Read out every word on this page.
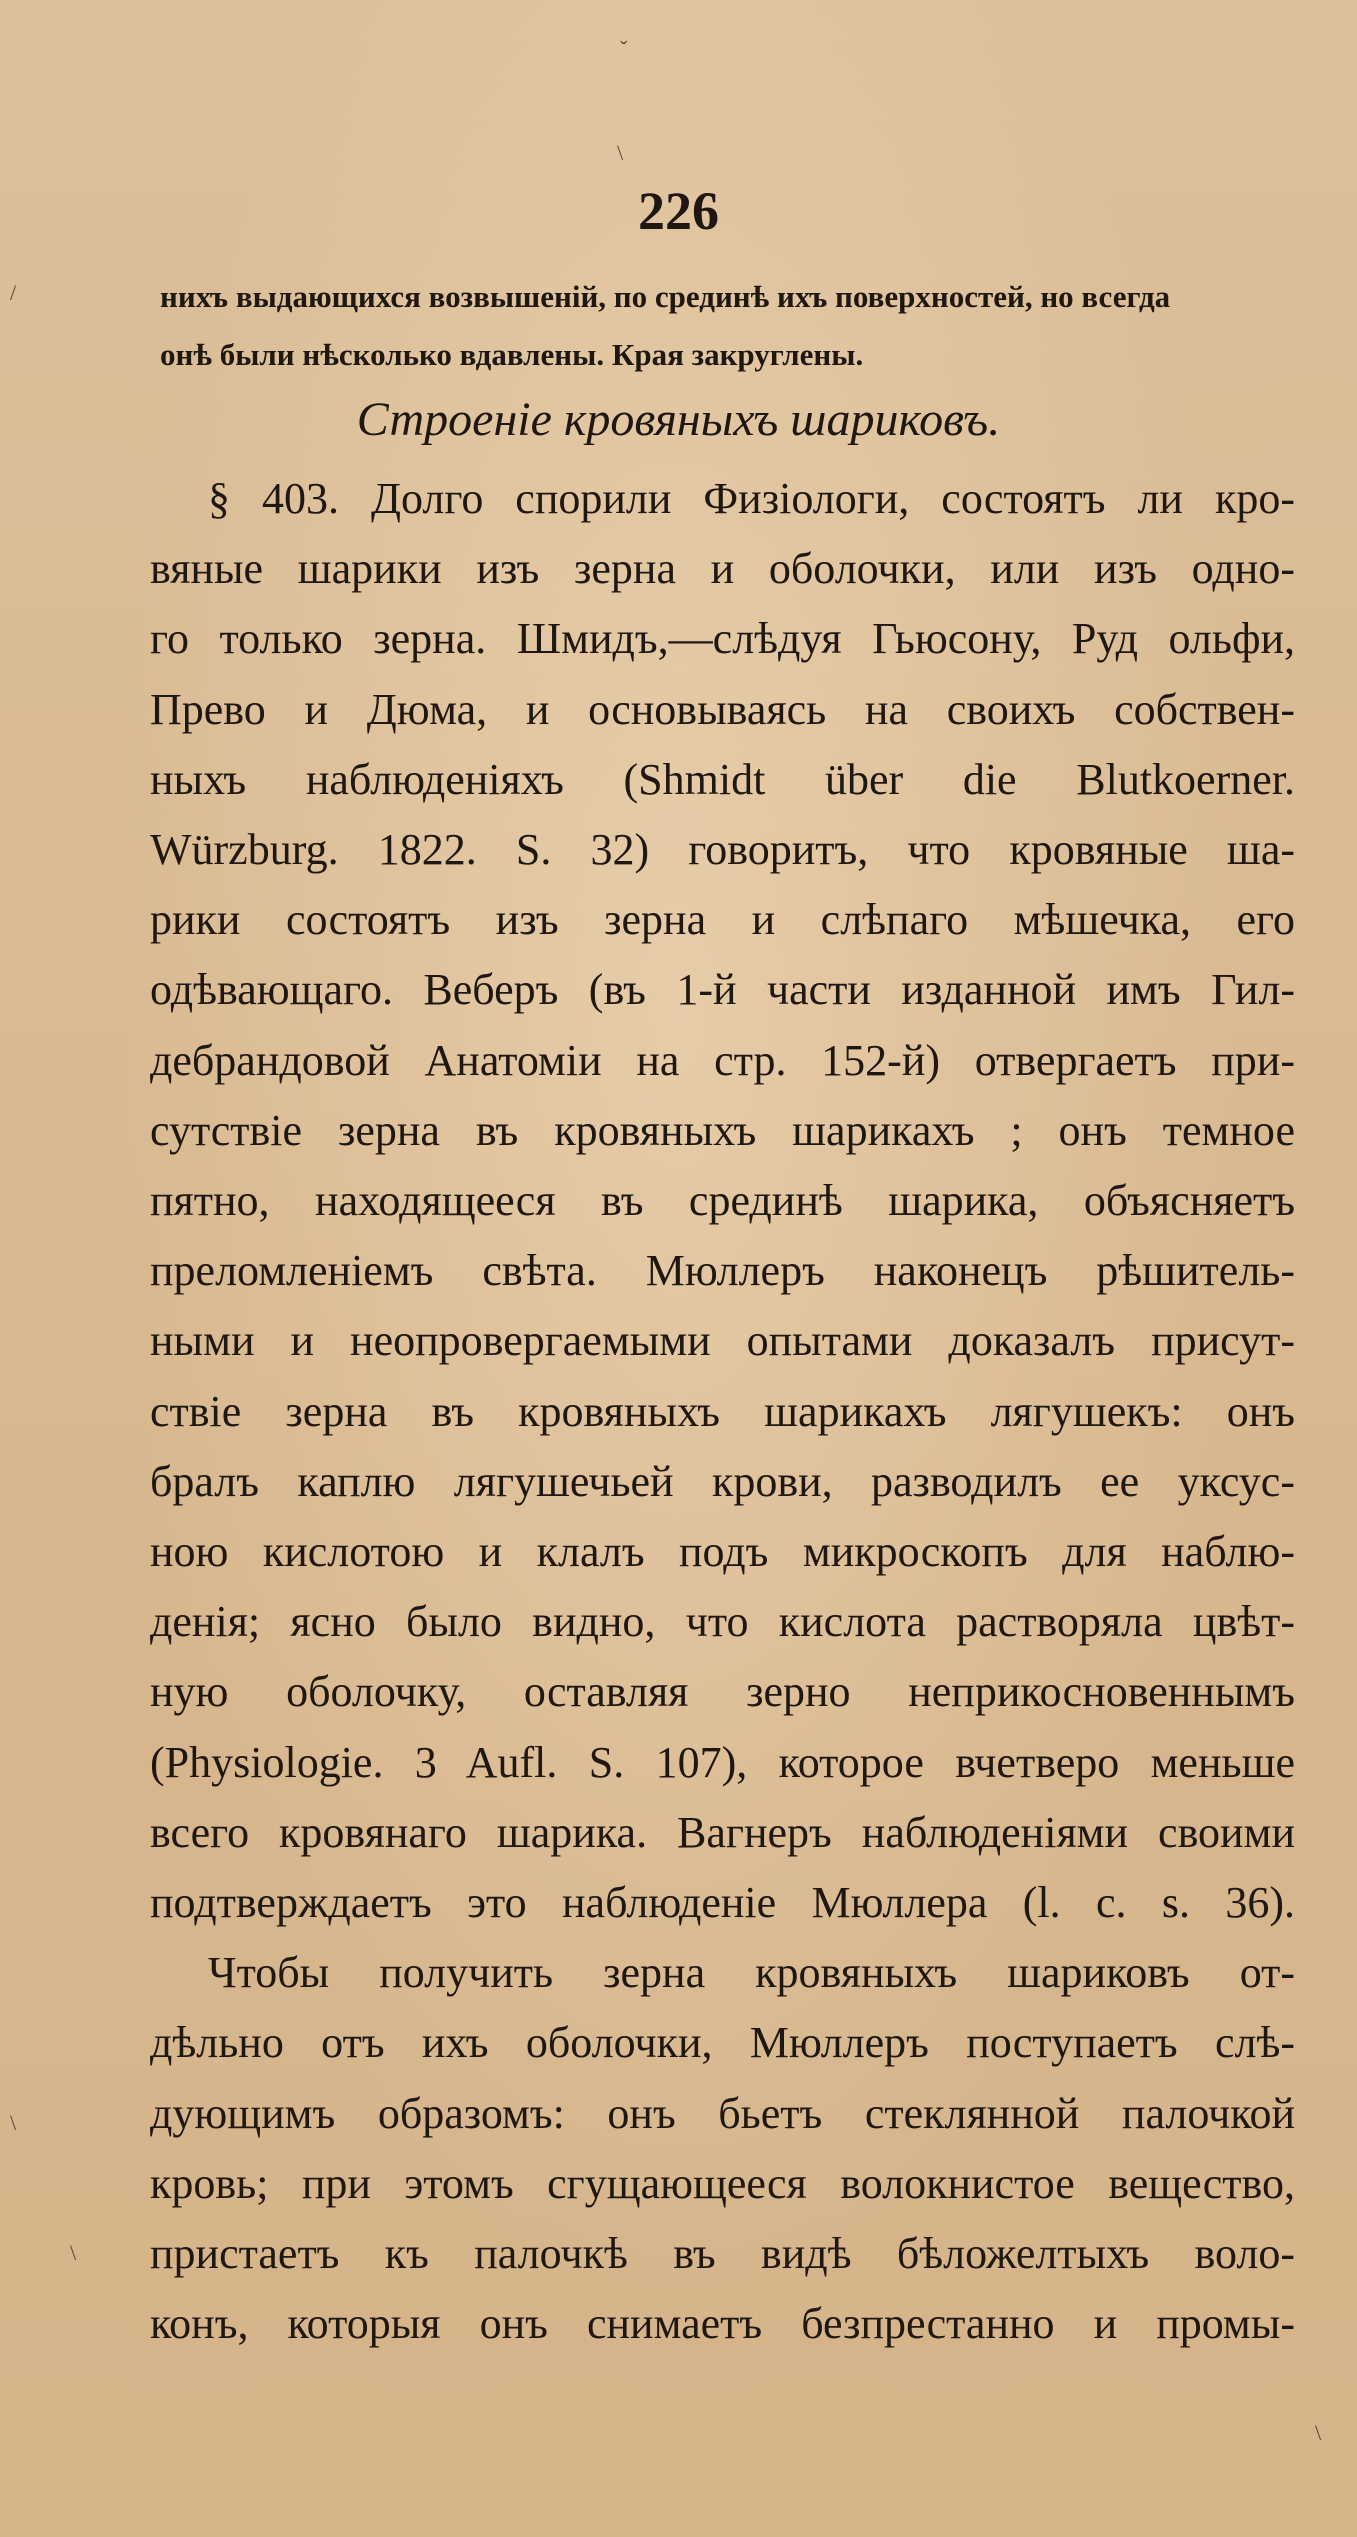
ˇ
\
/
\
\
\
226
нихъ выдающихся возвышеній, по срединѣ ихъ поверхностей, но всегда
онѣ были нѣсколько вдавлены. Края закруглены.
Строеніе кровяныхъ шариковъ.
§ 403. Долго спорили Физіологи, состоятъ ли кро-
вяные шарики изъ зерна и оболочки, или изъ одно-
го только зерна. Шмидъ,—слѣдуя Гьюсону, Руд ольфи,
Прево и Дюма, и основываясь на своихъ собствен-
ныхъ наблюденіяхъ (Shmidt über die Blutkoerner.
Würzburg. 1822. S. 32) говоритъ, что кровяные ша-
рики состоятъ изъ зерна и слѣпаго мѣшечка, его
одѣвающаго. Веберъ (въ 1-й части изданной имъ Гил-
дебрандовой Анатоміи на стр. 152-й) отвергаетъ при-
сутствіе зерна въ кровяныхъ шарикахъ ; онъ темное
пятно, находящееся въ срединѣ шарика, объясняетъ
преломленіемъ свѣта. Мюллеръ наконецъ рѣшитель-
ными и неопровергаемыми опытами доказалъ присут-
ствіе зерна въ кровяныхъ шарикахъ лягушекъ: онъ
бралъ каплю лягушечьей крови, разводилъ ее уксус-
ною кислотою и клалъ подъ микроскопъ для наблю-
денія; ясно было видно, что кислота растворяла цвѣт-
ную оболочку, оставляя зерно неприкосновеннымъ
(Physiologie. 3 Aufl. S. 107), которое вчетверо меньше
всего кровянаго шарика. Вагнеръ наблюденіями своими
подтверждаетъ это наблюденіе Мюллера (l. c. s. 36).
Чтобы получить зерна кровяныхъ шариковъ от-
дѣльно отъ ихъ оболочки, Мюллеръ поступаетъ слѣ-
дующимъ образомъ: онъ бьетъ стеклянной палочкой
кровь; при этомъ сгущающееся волокнистое вещество,
пристаетъ къ палочкѣ въ видѣ бѣложелтыхъ воло-
конъ, которыя онъ снимаетъ безпрестанно и промы-
